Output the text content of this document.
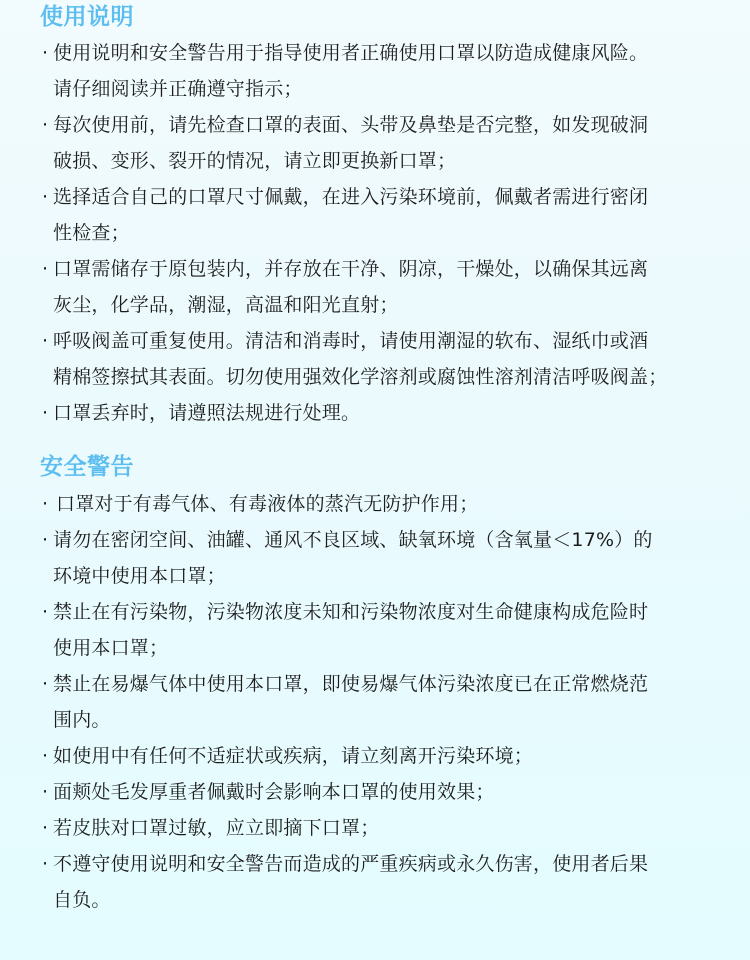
使用说明
· 使用说明和安全警告用于指导使用者正确使用口罩以防造成健康风险。
请仔细阅读并正确遵守指示；
· 每次使用前，请先检查口罩的表面、头带及鼻垫是否完整，如发现破洞
破损、变形、裂开的情况，请立即更换新口罩；
· 选择适合自己的口罩尺寸佩戴，在进入污染环境前，佩戴者需进行密闭
性检查；
· 口罩需储存于原包装内，并存放在干净、阴凉，干燥处，以确保其远离
灰尘，化学品，潮湿，高温和阳光直射；
· 呼吸阀盖可重复使用。清洁和消毒时，请使用潮湿的软布、湿纸巾或酒
精棉签擦拭其表面。切勿使用强效化学溶剂或腐蚀性溶剂清洁呼吸阀盖；
· 口罩丢弃时，请遵照法规进行处理。
安全警告
· 口罩对于有毒气体、有毒液体的蒸汽无防护作用；
· 请勿在密闭空间、油罐、通风不良区域、缺氧环境（含氧量＜17%）的
环境中使用本口罩；
· 禁止在有污染物，污染物浓度未知和污染物浓度对生命健康构成危险时
使用本口罩；
· 禁止在易爆气体中使用本口罩，即使易爆气体污染浓度已在正常燃烧范
围内。
· 如使用中有任何不适症状或疾病，请立刻离开污染环境；
· 面颊处毛发厚重者佩戴时会影响本口罩的使用效果；
· 若皮肤对口罩过敏，应立即摘下口罩；
· 不遵守使用说明和安全警告而造成的严重疾病或永久伤害，使用者后果
自负。
